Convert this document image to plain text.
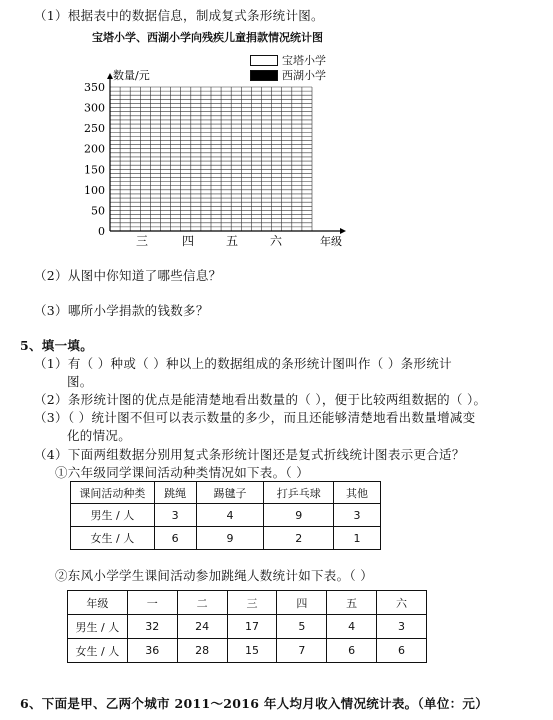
（1）根据表中的数据信息，制成复式条形统计图。
宝塔小学、西湖小学向残疾儿童捐款情况统计图
宝塔小学
西湖小学
0
50
100
150
200
250
300
350
三	四	五	六
数量/元
年级
（2）从图中你知道了哪些信息？
（3）哪所小学捐款的钱数多？
5、填一填。
（1）有（ ）种或（ ）种以上的数据组成的条形统计图叫作（ ）条形统计
图。
（2）条形统计图的优点是能清楚地看出数量的（ ），便于比较两组数据的（ ）。
（3）（ ）统计图不但可以表示数量的多少，而且还能够清楚地看出数量增减变
化的情况。
（4）下面两组数据分别用复式条形统计图还是复式折线统计图表示更合适？
①六年级同学课间活动种类情况如下表。（ ）
课间活动种类	跳绳	踢毽子	打乒乓球	其他
男生 / 人	3	4	9	3
女生 / 人	6	9	2	1
②东风小学学生课间活动参加跳绳人数统计如下表。（ ）
年级	一	二	三	四	五	六
男生 / 人	32	24	17	5	4	3
女生 / 人	36	28	15	7	6	6
6、下面是甲、乙两个城市 2011～2016 年人均月收入情况统计表。（单位：元）
